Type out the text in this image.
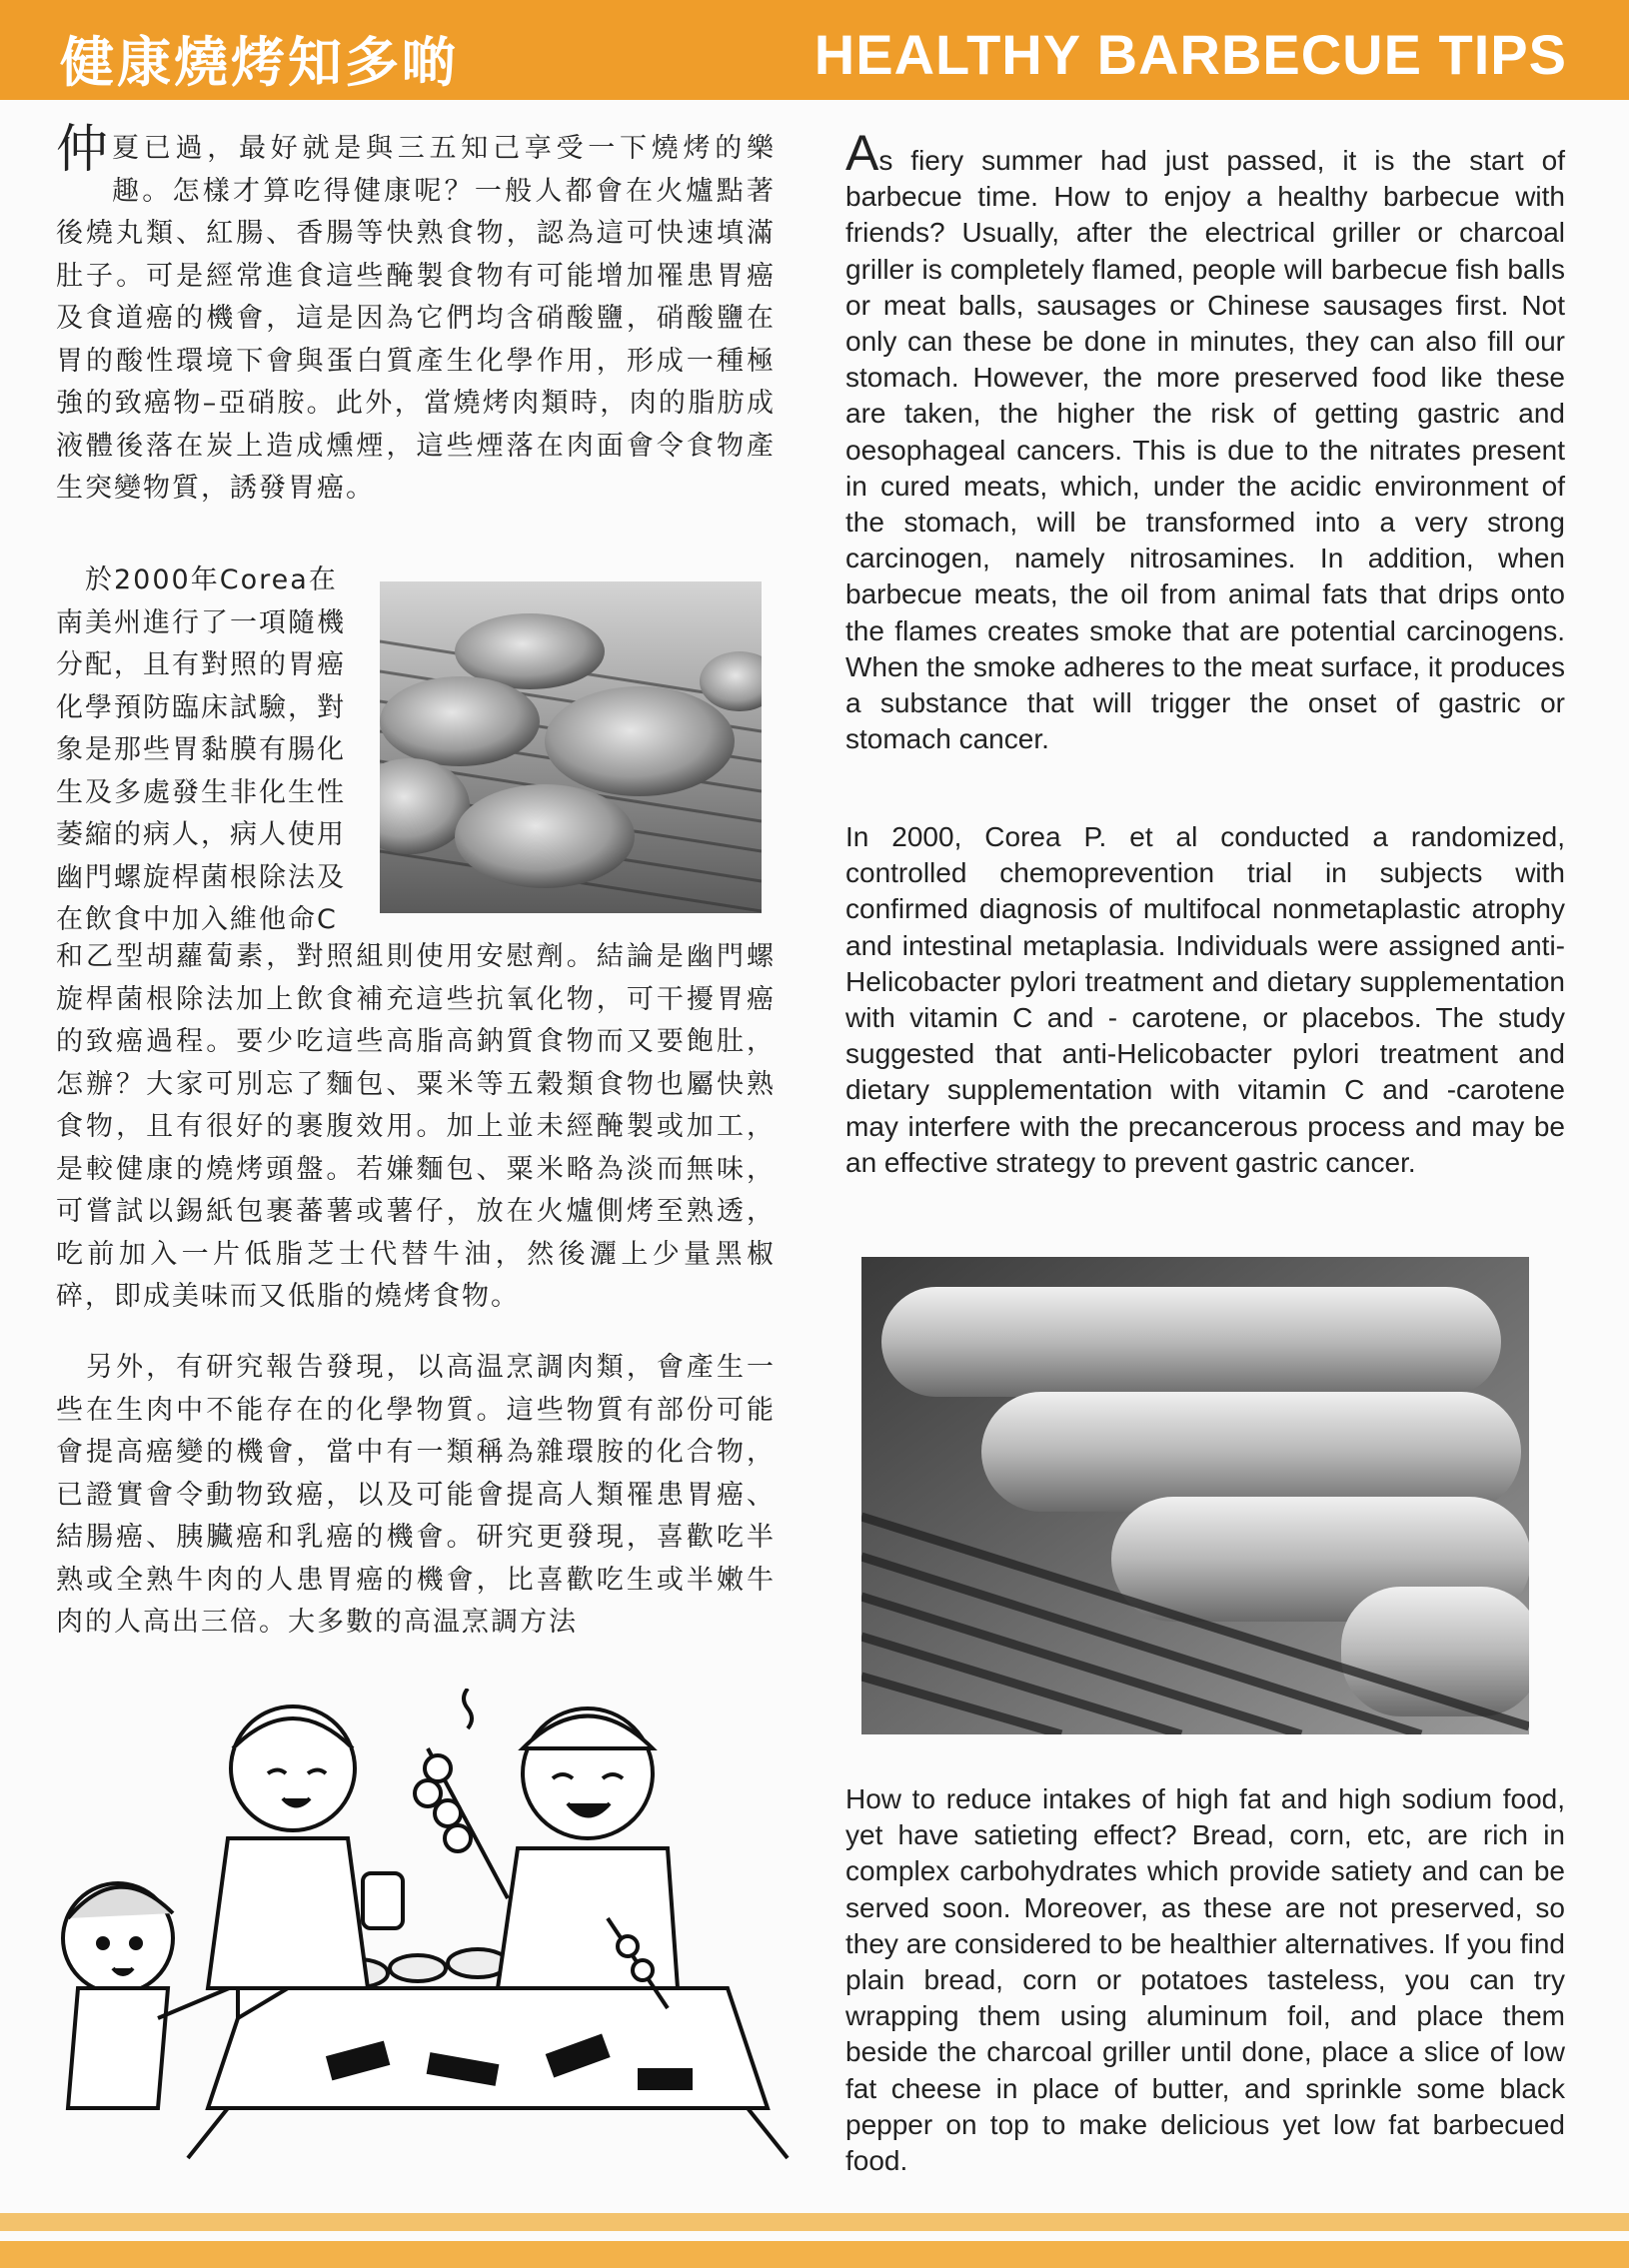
健康燒烤知多啲	HEALTHY BARBECUE TIPS

仲夏已過，最好就是與三五知己享受一下燒烤的樂趣。怎樣才算吃得健康呢？一般人都會在火爐點著後燒丸類、紅腸、香腸等快熟食物，認為這可快速填滿肚子。可是經常進食這些醃製食物有可能增加罹患胃癌及食道癌的機會，這是因為它們均含硝酸鹽，硝酸鹽在胃的酸性環境下會與蛋白質產生化學作用，形成一種極強的致癌物–亞硝胺。此外，當燒烤肉類時，肉的脂肪成液體後落在炭上造成燻煙，這些煙落在肉面會令食物產生突變物質，誘發胃癌。

　於2000年Corea在南美州進行了一項隨機分配，且有對照的胃癌化學預防臨床試驗，對象是那些胃黏膜有腸化生及多處發生非化生性萎縮的病人，病人使用幽門螺旋桿菌根除法及在飲食中加入維他命C

和乙型胡蘿蔔素，對照組則使用安慰劑。結論是幽門螺旋桿菌根除法加上飲食補充這些抗氧化物，可干擾胃癌的致癌過程。要少吃這些高脂高鈉質食物而又要飽肚，怎辦？大家可別忘了麵包、粟米等五穀類食物也屬快熟食物，且有很好的裹腹效用。加上並未經醃製或加工，是較健康的燒烤頭盤。若嫌麵包、粟米略為淡而無味，可嘗試以錫紙包裹蕃薯或薯仔，放在火爐側烤至熟透，吃前加入一片低脂芝士代替牛油，然後灑上少量黑椒碎，即成美味而又低脂的燒烤食物。

　另外，有研究報告發現，以高温烹調肉類，會產生一些在生肉中不能存在的化學物質。這些物質有部份可能會提高癌變的機會，當中有一類稱為雜環胺的化合物，已證實會令動物致癌，以及可能會提高人類罹患胃癌、結腸癌、胰臟癌和乳癌的機會。研究更發現，喜歡吃半熟或全熟牛肉的人患胃癌的機會，比喜歡吃生或半嫩牛肉的人高出三倍。大多數的高温烹調方法

As fiery summer had just passed, it is the start of barbecue time. How to enjoy a healthy barbecue with friends? Usually, after the electrical griller or charcoal griller is completely flamed, people will barbecue fish balls or meat balls, sausages or Chinese sausages first. Not only can these be done in minutes, they can also fill our stomach. However, the more preserved food like these are taken, the higher the risk of getting gastric and oesophageal cancers. This is due to the nitrates present in cured meats, which, under the acidic environment of the stomach, will be transformed into a very strong carcinogen, namely nitrosamines. In addition, when barbecue meats, the oil from animal fats that drips onto the flames creates smoke that are potential carcinogens. When the smoke adheres to the meat surface, it produces a substance that will trigger the onset of gastric or stomach cancer.

In 2000, Corea P. et al conducted a randomized, controlled chemoprevention trial in subjects with confirmed diagnosis of multifocal nonmetaplastic atrophy and intestinal metaplasia. Individuals were assigned anti-Helicobacter pylori treatment and dietary supplementation with vitamin C and - carotene, or placebos. The study suggested that anti-Helicobacter pylori treatment and dietary supplementation with vitamin C and -carotene may interfere with the precancerous process and may be an effective strategy to prevent gastric cancer.

How to reduce intakes of high fat and high sodium food, yet have satieting effect? Bread, corn, etc, are rich in complex carbohydrates which provide satiety and can be served soon. Moreover, as these are not preserved, so they are considered to be healthier alternatives. If you find plain bread, corn or potatoes tasteless, you can try wrapping them using aluminum foil, and place them beside the charcoal griller until done, place a slice of low fat cheese in place of butter, and sprinkle some black pepper on top to make delicious yet low fat barbecued food.
